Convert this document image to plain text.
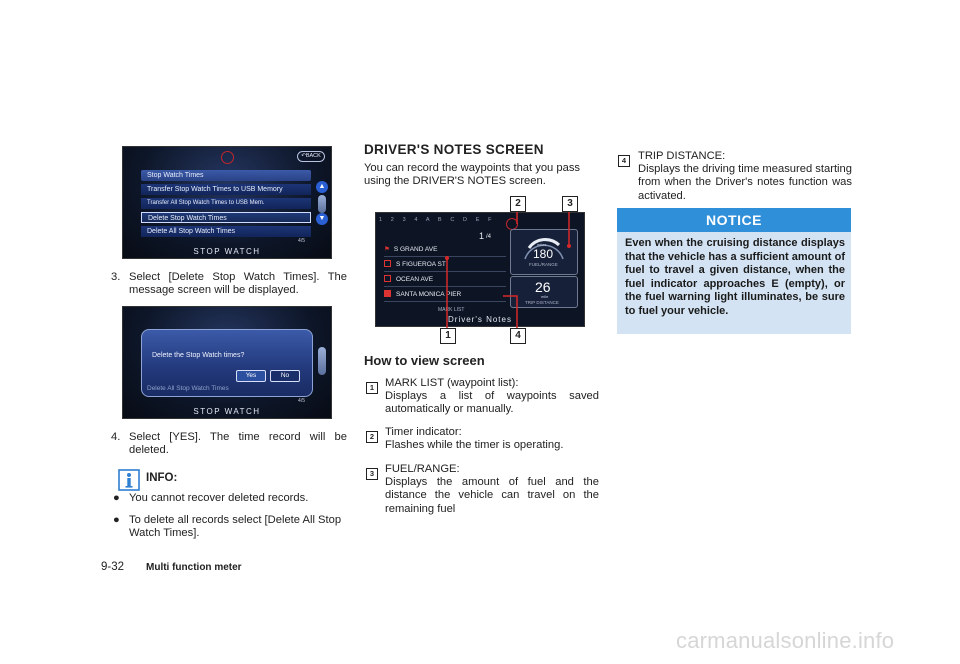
↶BACK
Stop Watch Times
Transfer Stop Watch Times to USB Memory
Transfer All Stop Watch Times to USB Mem.
Delete Stop Watch Times
Delete All Stop Watch Times
▲
▼
4/5
STOP WATCH
3. Select [Delete Stop Watch Times]. The message screen will be displayed.
Delete the Stop Watch times?
Yes	No
Delete All Stop Watch Times
4/5
STOP WATCH
4. Select [YES]. The time record will be deleted.
INFO:
● You cannot recover deleted records.
● To delete all records select [Delete All Stop Watch Times].
9-32 Multi function meter
DRIVER'S NOTES SCREEN
You can record the waypoints that you pass using the DRIVER'S NOTES screen.
2	3
1 2 3 4 A B C D E F
1 /4
⚑ S GRAND AVE
S FIGUEROA ST
OCEAN AVE
SANTA MONICA PIER
MARK LIST
miles
180
FUEL/RANGE
26
mile
TRIP DISTANCE
Driver's Notes
1	4
How to view screen
1 MARK LIST (waypoint list):
Displays a list of waypoints saved automatically or manually.
2 Timer indicator:
Flashes while the timer is operating.
3 FUEL/RANGE:
Displays the amount of fuel and the distance the vehicle can travel on the remaining fuel
4	TRIP DISTANCE:
Displays the driving time measured starting from when the Driver's notes function was activated.
NOTICE
Even when the cruising distance displays that the vehicle has a sufficient amount of fuel to travel a given distance, when the fuel indicator approaches E (empty), or the fuel warning light illuminates, be sure to fuel your vehicle.
carmanualsonline.info
